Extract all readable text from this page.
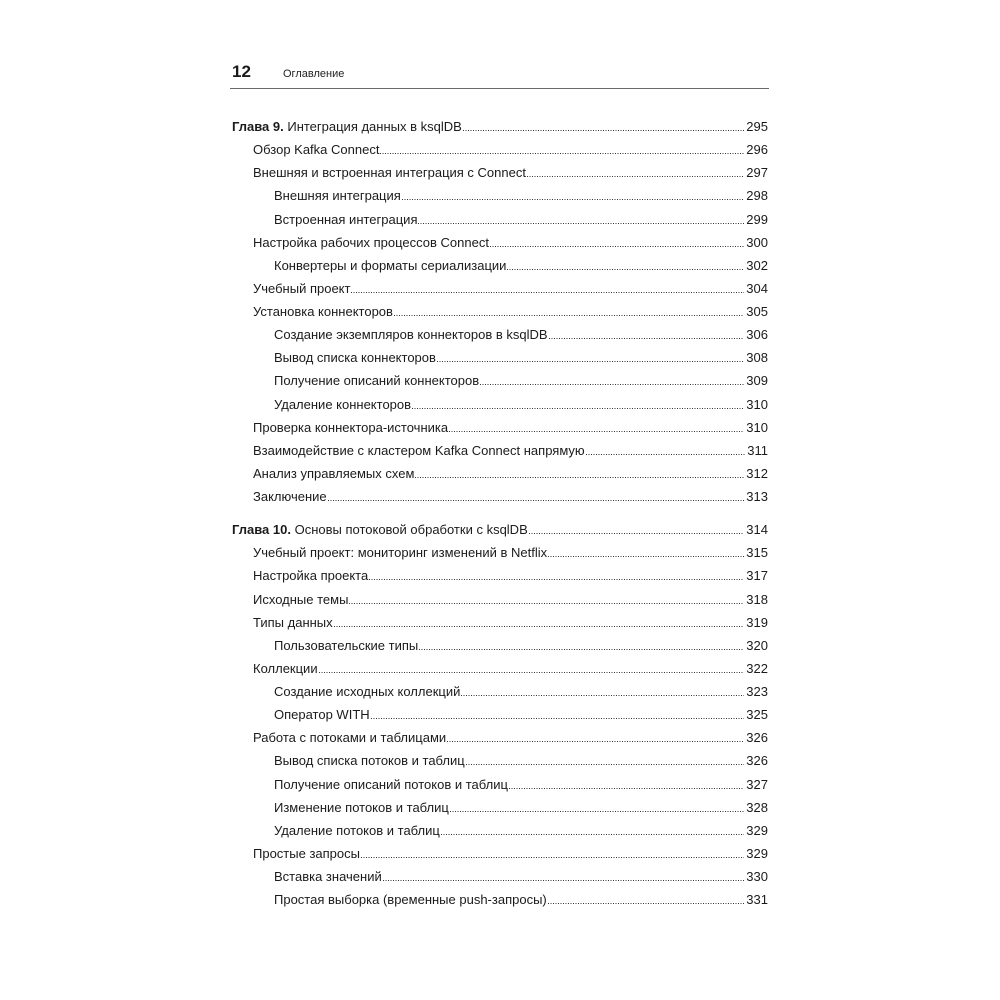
12	Оглавление
Глава 9. Интеграция данных в ksqlDB	295
Обзор Kafka Connect	296
Внешняя и встроенная интеграция с Connect	297
Внешняя интеграция	298
Встроенная интеграция	299
Настройка рабочих процессов Connect	300
Конвертеры и форматы сериализации	302
Учебный проект	304
Установка коннекторов	305
Создание экземпляров коннекторов в ksqlDB	306
Вывод списка коннекторов	308
Получение описаний коннекторов	309
Удаление коннекторов	310
Проверка коннектора-источника	310
Взаимодействие с кластером Kafka Connect напрямую	311
Анализ управляемых схем	312
Заключение	313
Глава 10. Основы потоковой обработки с ksqlDB	314
Учебный проект: мониторинг изменений в Netflix	315
Настройка проекта	317
Исходные темы	318
Типы данных	319
Пользовательские типы	320
Коллекции	322
Создание исходных коллекций	323
Оператор WITH	325
Работа с потоками и таблицами	326
Вывод списка потоков и таблиц	326
Получение описаний потоков и таблиц	327
Изменение потоков и таблиц	328
Удаление потоков и таблиц	329
Простые запросы	329
Вставка значений	330
Простая выборка (временные push-запросы)	331
